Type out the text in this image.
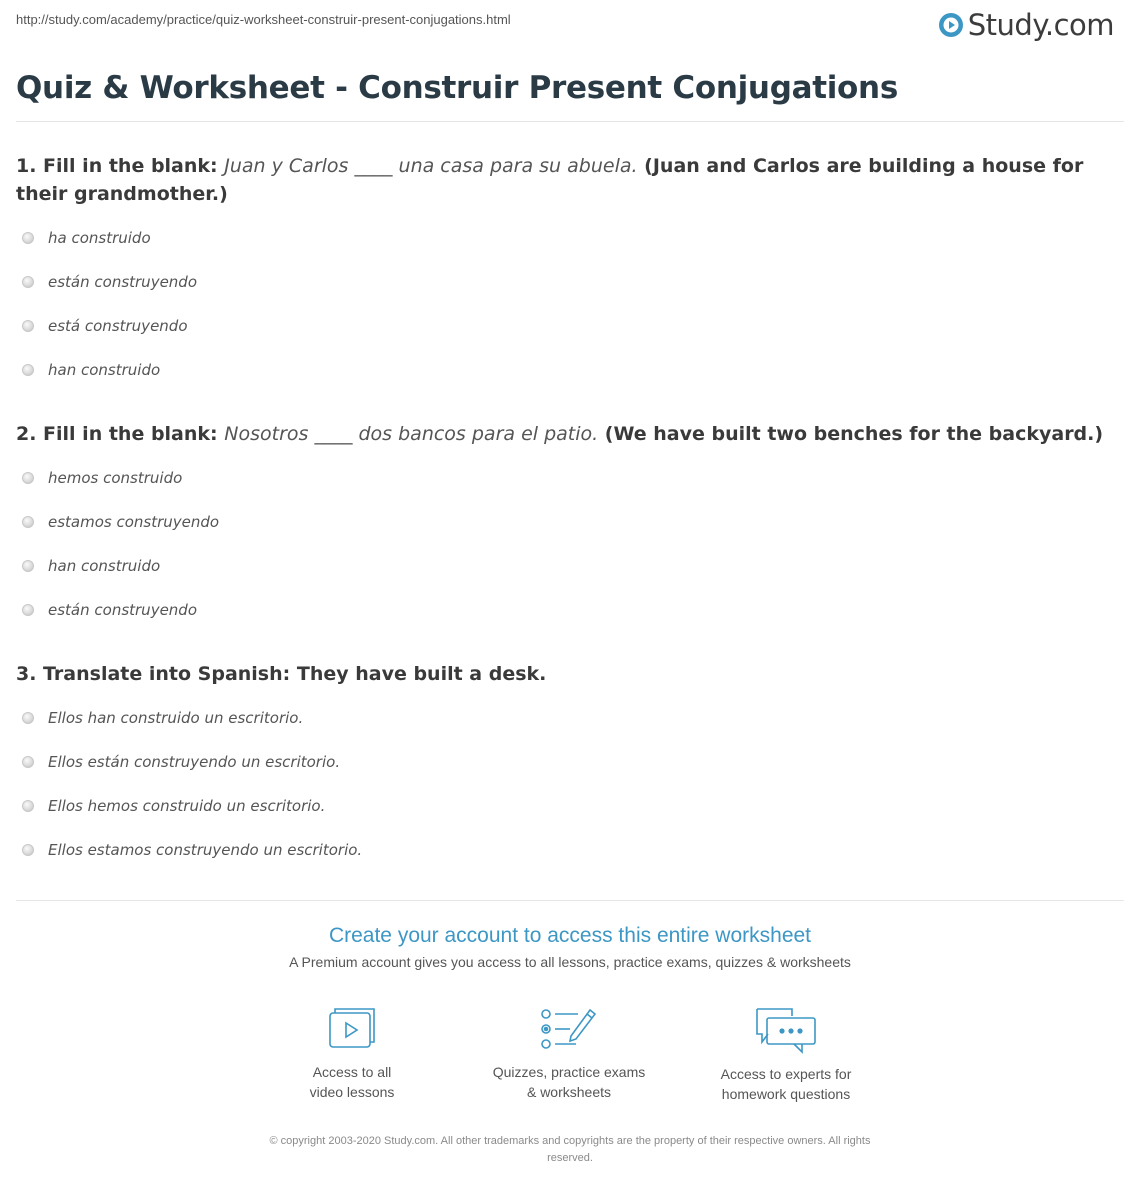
http://study.com/academy/practice/quiz-worksheet-construir-present-conjugations.html	Study.com
Quiz & Worksheet - Construir Present Conjugations
1. Fill in the blank: Juan y Carlos ____ una casa para su abuela. (Juan and Carlos are building a house for their grandmother.)
ha construido
están construyendo
está construyendo
han construido
2. Fill in the blank: Nosotros ____ dos bancos para el patio. (We have built two benches for the backyard.)
hemos construido
estamos construyendo
han construido
están construyendo
3. Translate into Spanish: They have built a desk.
Ellos han construido un escritorio.
Ellos están construyendo un escritorio.
Ellos hemos construido un escritorio.
Ellos estamos construyendo un escritorio.
Create your account to access this entire worksheet
A Premium account gives you access to all lessons, practice exams, quizzes & worksheets
Access to all
video lessons
Quizzes, practice exams
& worksheets
Access to experts for
homework questions
© copyright 2003-2020 Study.com. All other trademarks and copyrights are the property of their respective owners. All rights
reserved.
